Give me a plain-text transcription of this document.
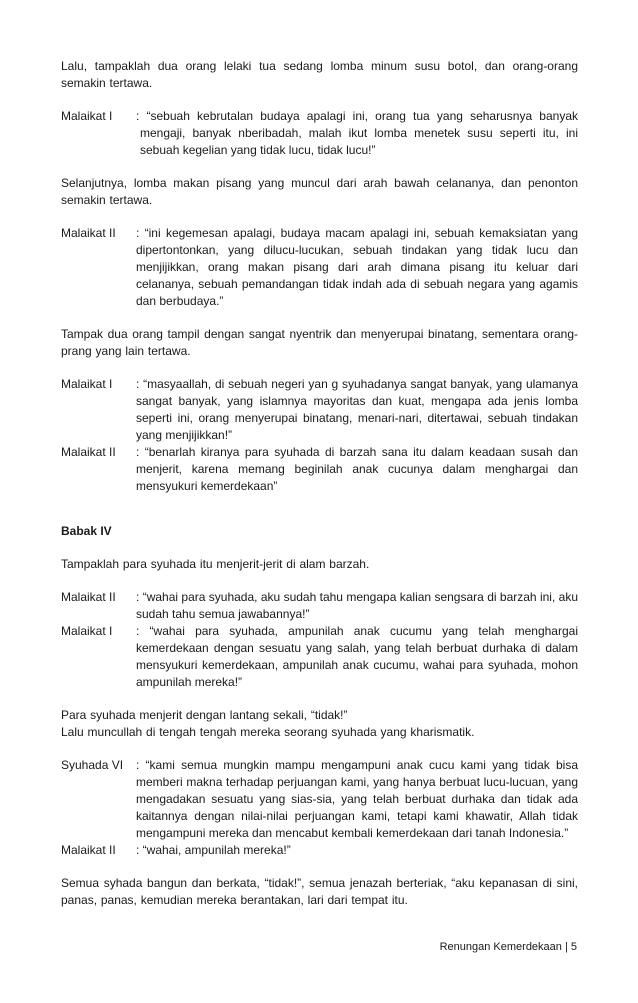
Lalu, tampaklah dua orang lelaki tua sedang lomba minum susu botol, dan orang-orang semakin tertawa.

Malaikat I	: “sebuah kebrutalan budaya apalagi ini, orang tua yang seharusnya banyak mengaji, banyak nberibadah, malah ikut lomba menetek susu seperti itu, ini sebuah kegelian yang tidak lucu, tidak lucu!”

Selanjutnya, lomba makan pisang yang muncul dari arah bawah celananya, dan penonton semakin tertawa.

Malaikat II	: “ini kegemesan apalagi, budaya macam apalagi ini, sebuah kemaksiatan yang dipertontonkan, yang dilucu-lucukan, sebuah tindakan yang tidak lucu dan menjijikkan, orang makan pisang dari arah dimana pisang itu keluar dari celananya, sebuah pemandangan tidak indah ada di sebuah negara yang agamis dan berbudaya.”

Tampak dua orang tampil dengan sangat nyentrik dan menyerupai binatang, sementara orang-prang yang lain tertawa.

Malaikat I	: “masyaallah, di sebuah negeri yan g syuhadanya sangat banyak, yang ulamanya sangat banyak, yang islamnya mayoritas dan kuat, mengapa ada jenis lomba seperti ini, orang menyerupai binatang, menari-nari, ditertawai, sebuah tindakan yang menjijikkan!”
Malaikat II	: “benarlah kiranya para syuhada di barzah sana itu dalam keadaan susah dan menjerit, karena memang beginilah anak cucunya dalam menghargai dan mensyukuri kemerdekaan”
Babak IV

Tampaklah para syuhada itu menjerit-jerit di alam barzah.

Malaikat II	: “wahai para syuhada, aku sudah tahu mengapa kalian sengsara di barzah ini, aku sudah tahu semua jawabannya!”
Malaikat I	: “wahai para syuhada, ampunilah anak cucumu yang telah menghargai kemerdekaan dengan sesuatu yang salah, yang telah berbuat durhaka di dalam mensyukuri kemerdekaan, ampunilah anak cucumu, wahai para syuhada, mohon ampunilah mereka!”

Para syuhada menjerit dengan lantang sekali, “tidak!”

Lalu muncullah di tengah tengah mereka seorang syuhada yang kharismatik.

Syuhada VI	: “kami semua mungkin mampu mengampuni anak cucu kami yang tidak bisa memberi makna terhadap perjuangan kami, yang hanya berbuat lucu-lucuan, yang mengadakan sesuatu yang sias-sia, yang telah berbuat durhaka dan tidak ada kaitannya dengan nilai-nilai perjuangan kami, tetapi kami khawatir, Allah tidak mengampuni mereka dan mencabut kembali kemerdekaan dari tanah Indonesia.”
Malaikat II	: “wahai, ampunilah mereka!”

Semua syhada bangun dan berkata, “tidak!”, semua jenazah berteriak, “aku kepanasan di sini, panas, panas, kemudian mereka berantakan, lari dari tempat itu.

Renungan Kemerdekaan | 5
